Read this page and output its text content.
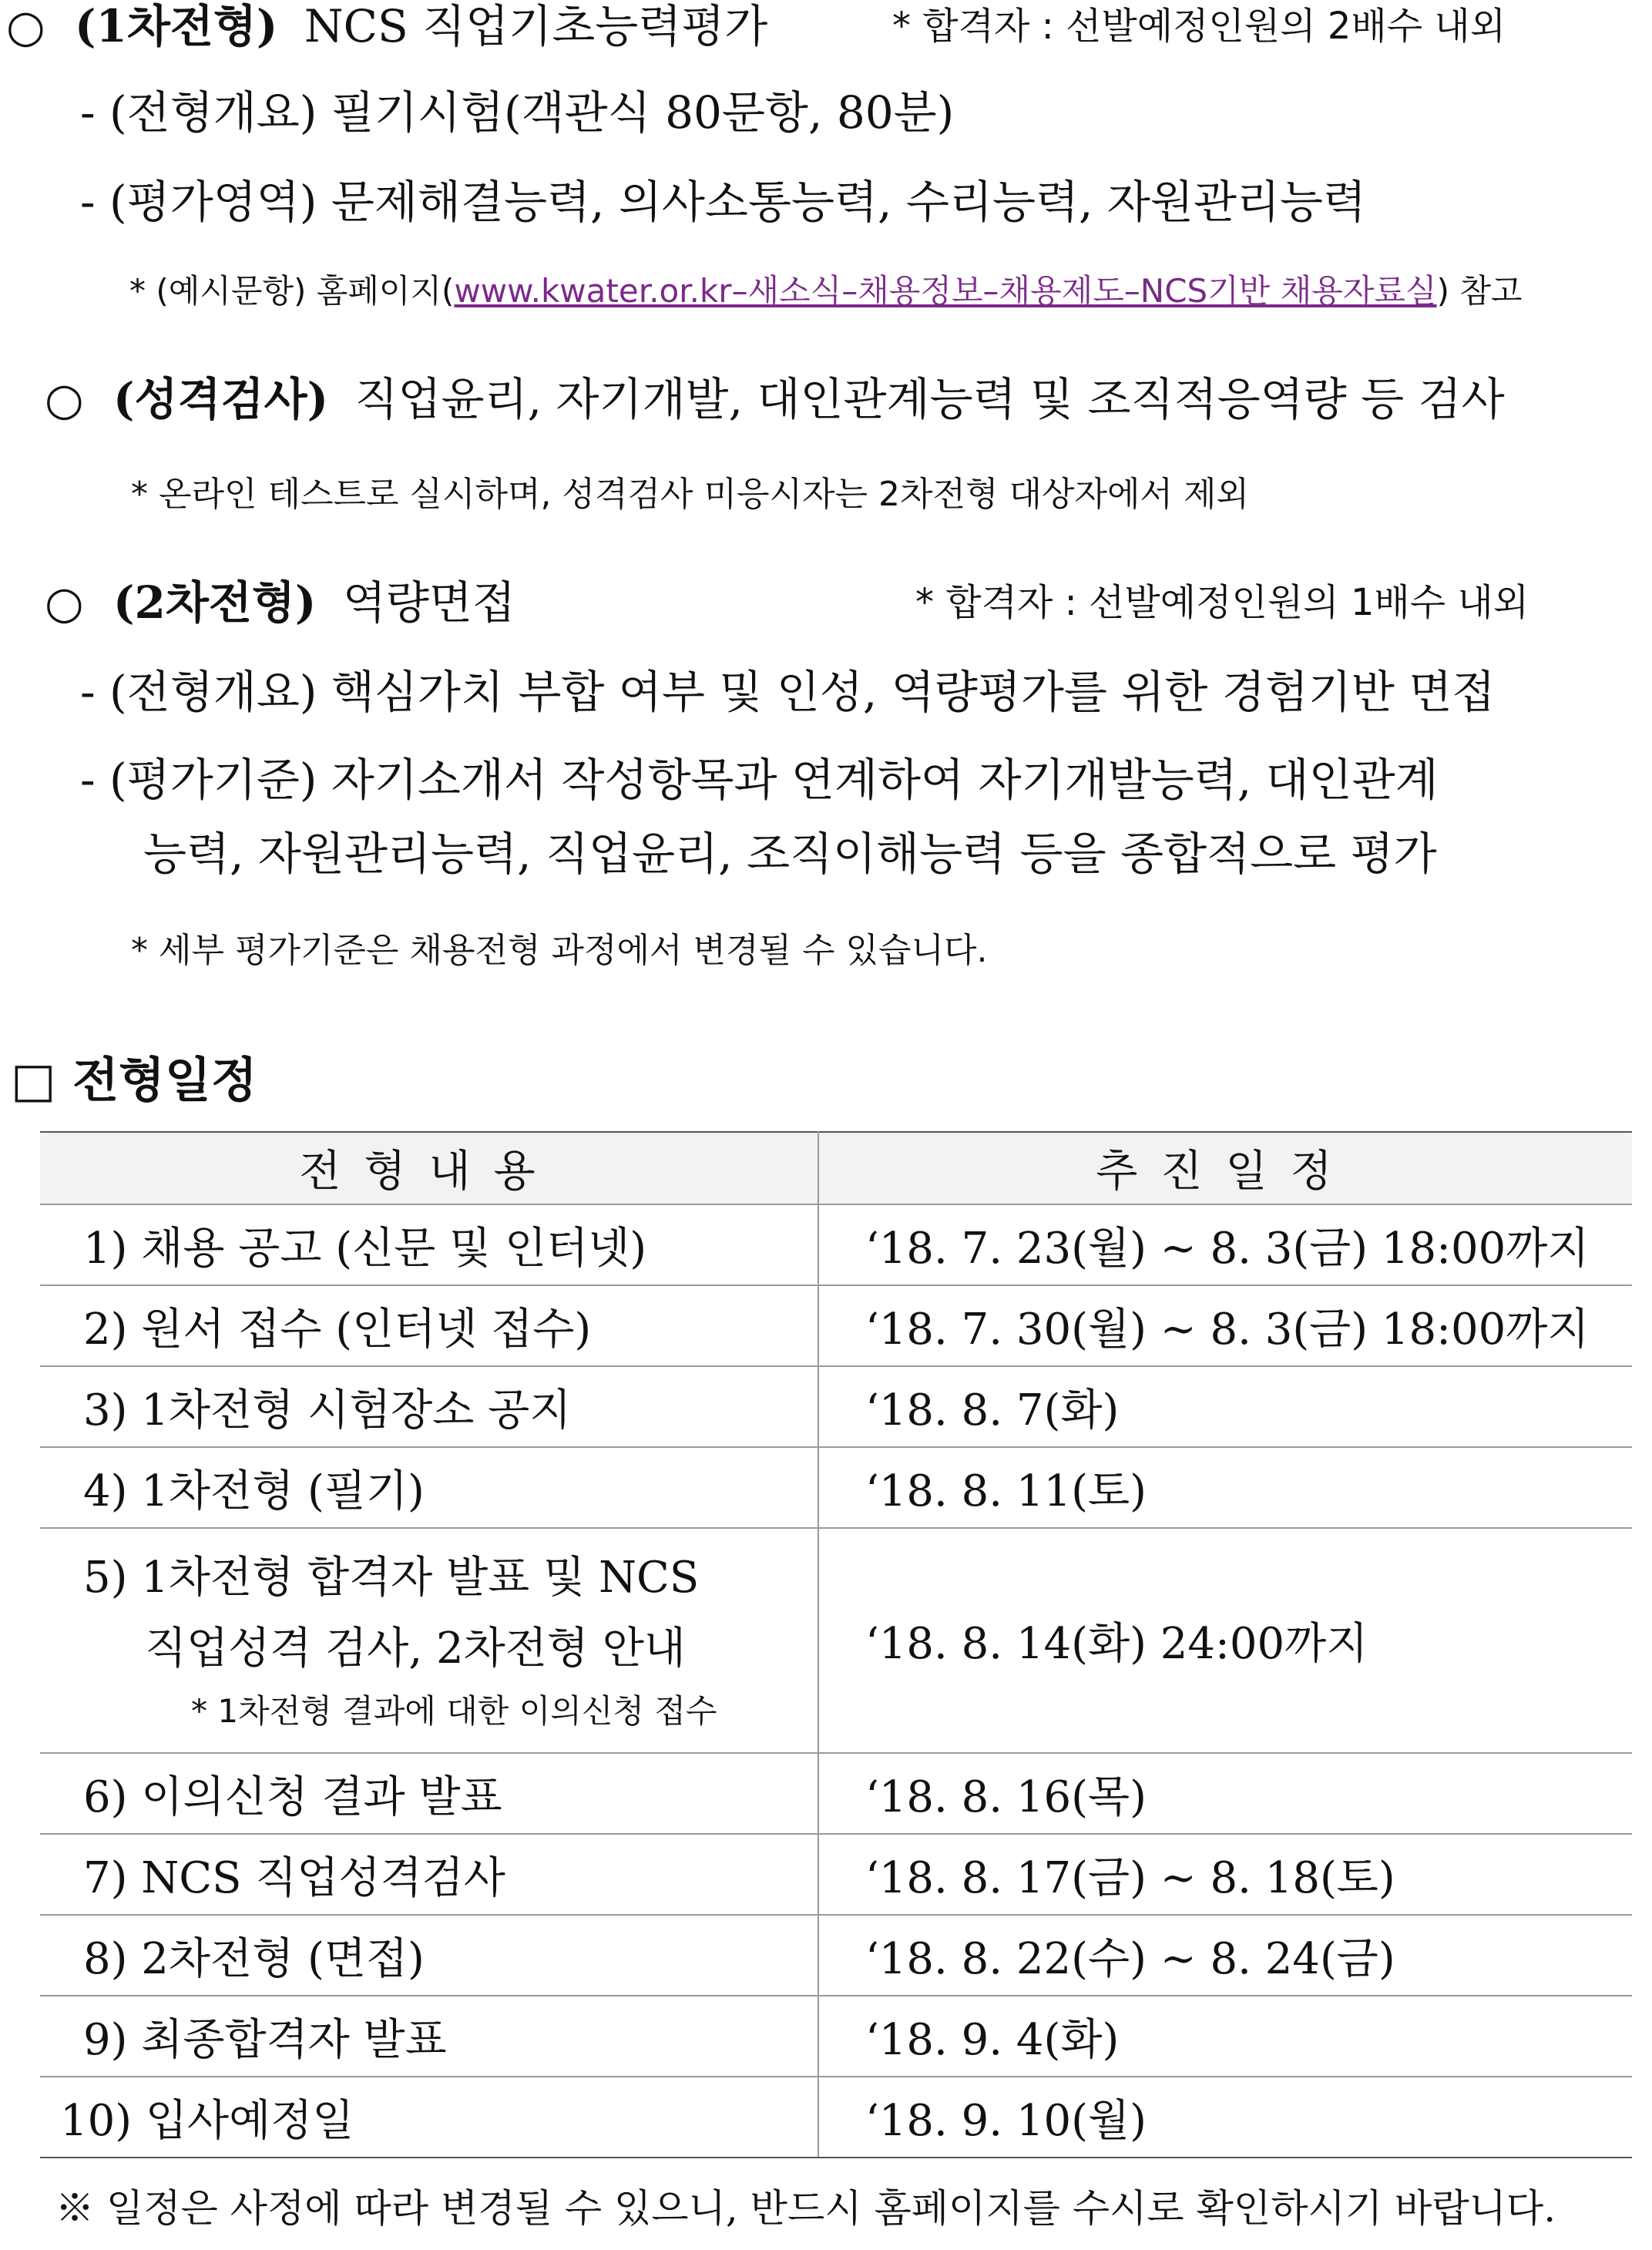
○ (1차전형) NCS 직업기초능력평가	* 합격자 : 선발예정인원의 2배수 내외
- (전형개요) 필기시험(객관식 80문항, 80분)
- (평가영역) 문제해결능력, 의사소통능력, 수리능력, 자원관리능력
* (예시문항) 홈페이지(www.kwater.or.kr–새소식–채용정보–채용제도–NCS기반 채용자료실) 참고
○ (성격검사) 직업윤리, 자기개발, 대인관계능력 및 조직적응역량 등 검사
* 온라인 테스트로 실시하며, 성격검사 미응시자는 2차전형 대상자에서 제외
○ (2차전형) 역량면접	* 합격자 : 선발예정인원의 1배수 내외
- (전형개요) 핵심가치 부합 여부 및 인성, 역량평가를 위한 경험기반 면접
- (평가기준) 자기소개서 작성항목과 연계하여 자기개발능력, 대인관계
능력, 자원관리능력, 직업윤리, 조직이해능력 등을 종합적으로 평가
* 세부 평가기준은 채용전형 과정에서 변경될 수 있습니다.
□ 전형일정
전형내용	추진일정
1) 채용 공고 (신문 및 인터넷)	‘18. 7. 23(월) ~ 8. 3(금) 18:00까지
2) 원서 접수 (인터넷 접수)	‘18. 7. 30(월) ~ 8. 3(금) 18:00까지
3) 1차전형 시험장소 공지	‘18. 8. 7(화)
4) 1차전형 (필기)	‘18. 8. 11(토)

5) 1차전형 합격자 발표 및 NCS
직업성격 검사, 2차전형 안내
* 1차전형 결과에 대한 이의신청 접수	‘18. 8. 14(화) 24:00까지
6) 이의신청 결과 발표	‘18. 8. 16(목)
7) NCS 직업성격검사	‘18. 8. 17(금) ~ 8. 18(토)
8) 2차전형 (면접)	‘18. 8. 22(수) ~ 8. 24(금)
9) 최종합격자 발표	‘18. 9. 4(화)
10) 입사예정일	‘18. 9. 10(월)
※ 일정은 사정에 따라 변경될 수 있으니, 반드시 홈페이지를 수시로 확인하시기 바랍니다.
